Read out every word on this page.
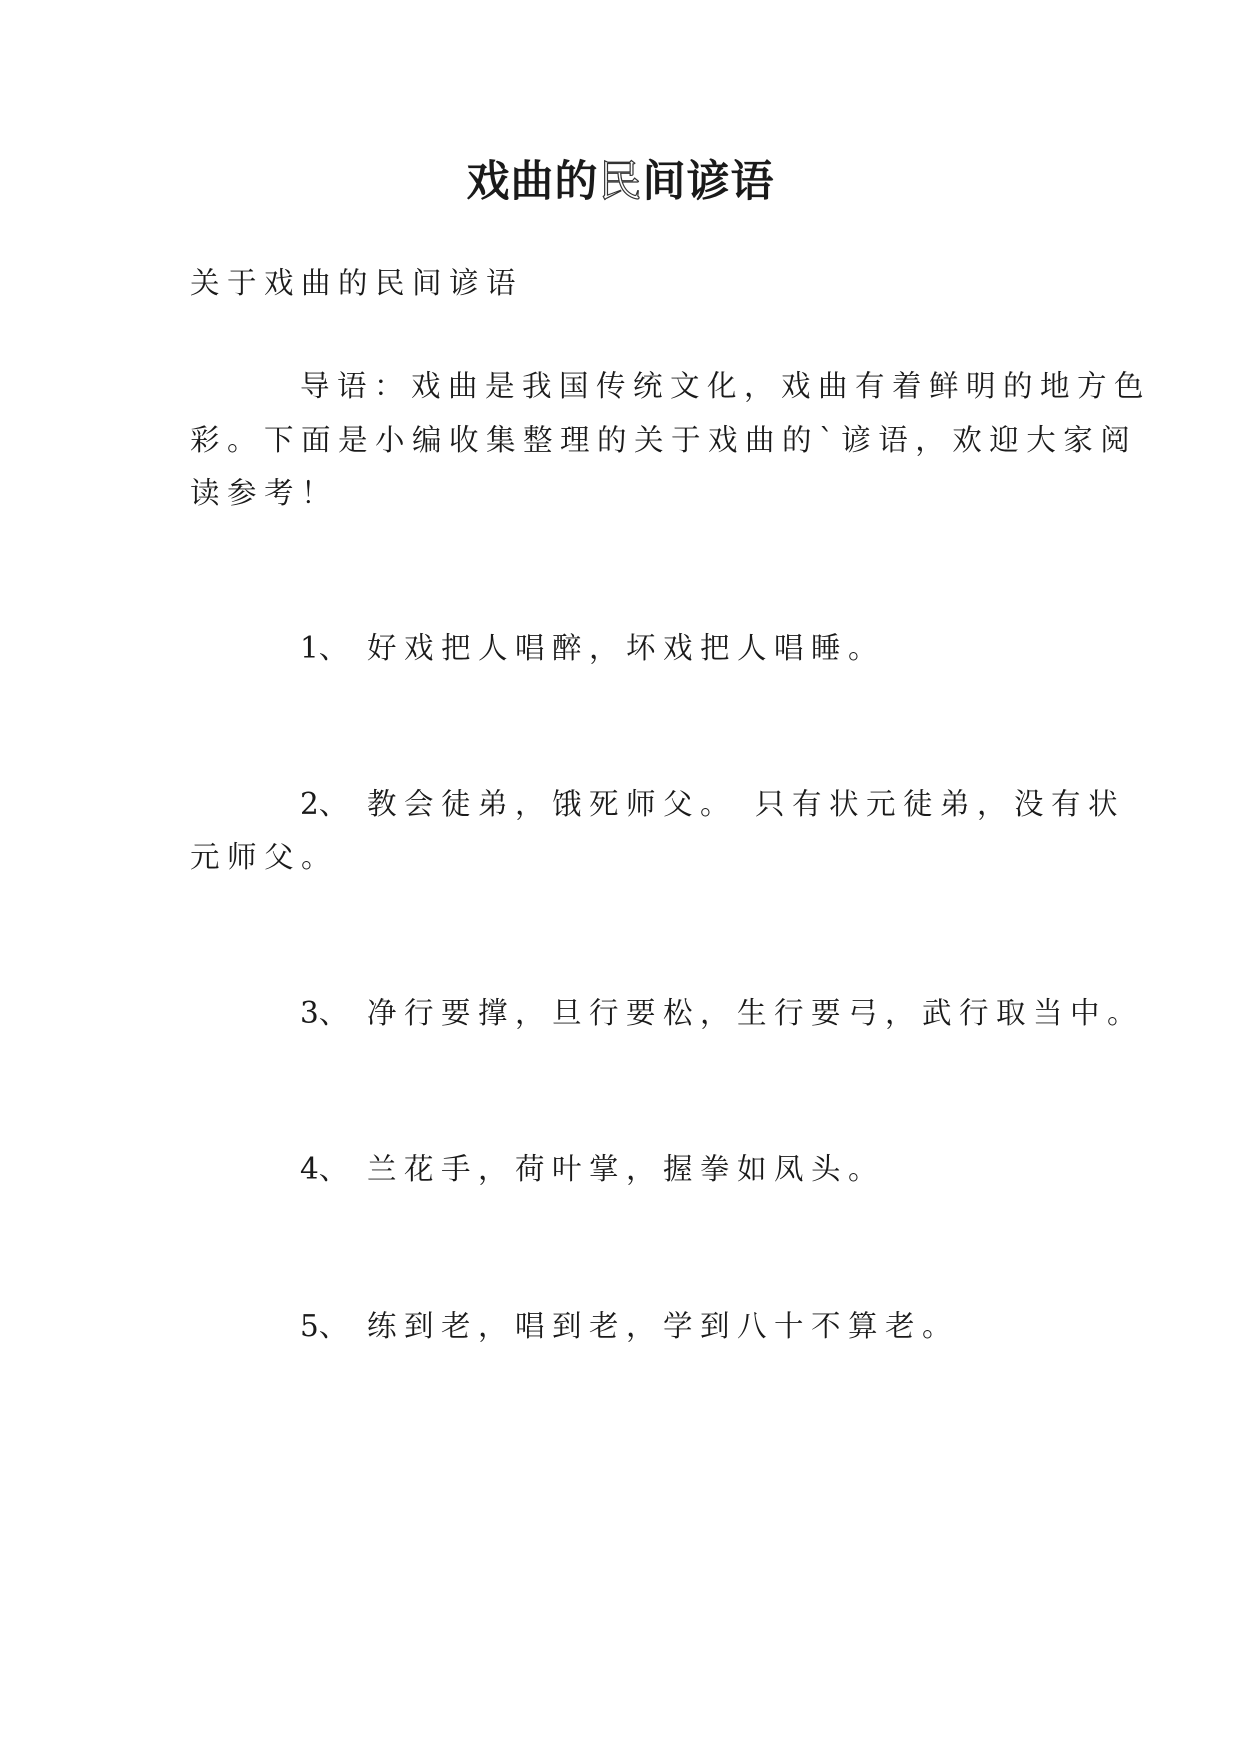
戏曲的民间谚语
关于戏曲的民间谚语
导语：戏曲是我国传统文化，戏曲有着鲜明的地方色
彩。下面是小编收集整理的关于戏曲的`谚语，欢迎大家阅
读参考！
1、 好戏把人唱醉，坏戏把人唱睡。
2、 教会徒弟，饿死师父。 只有状元徒弟，没有状
元师父。
3、 净行要撑，旦行要松，生行要弓，武行取当中。
4、 兰花手，荷叶掌，握拳如凤头。
5、 练到老，唱到老，学到八十不算老。
